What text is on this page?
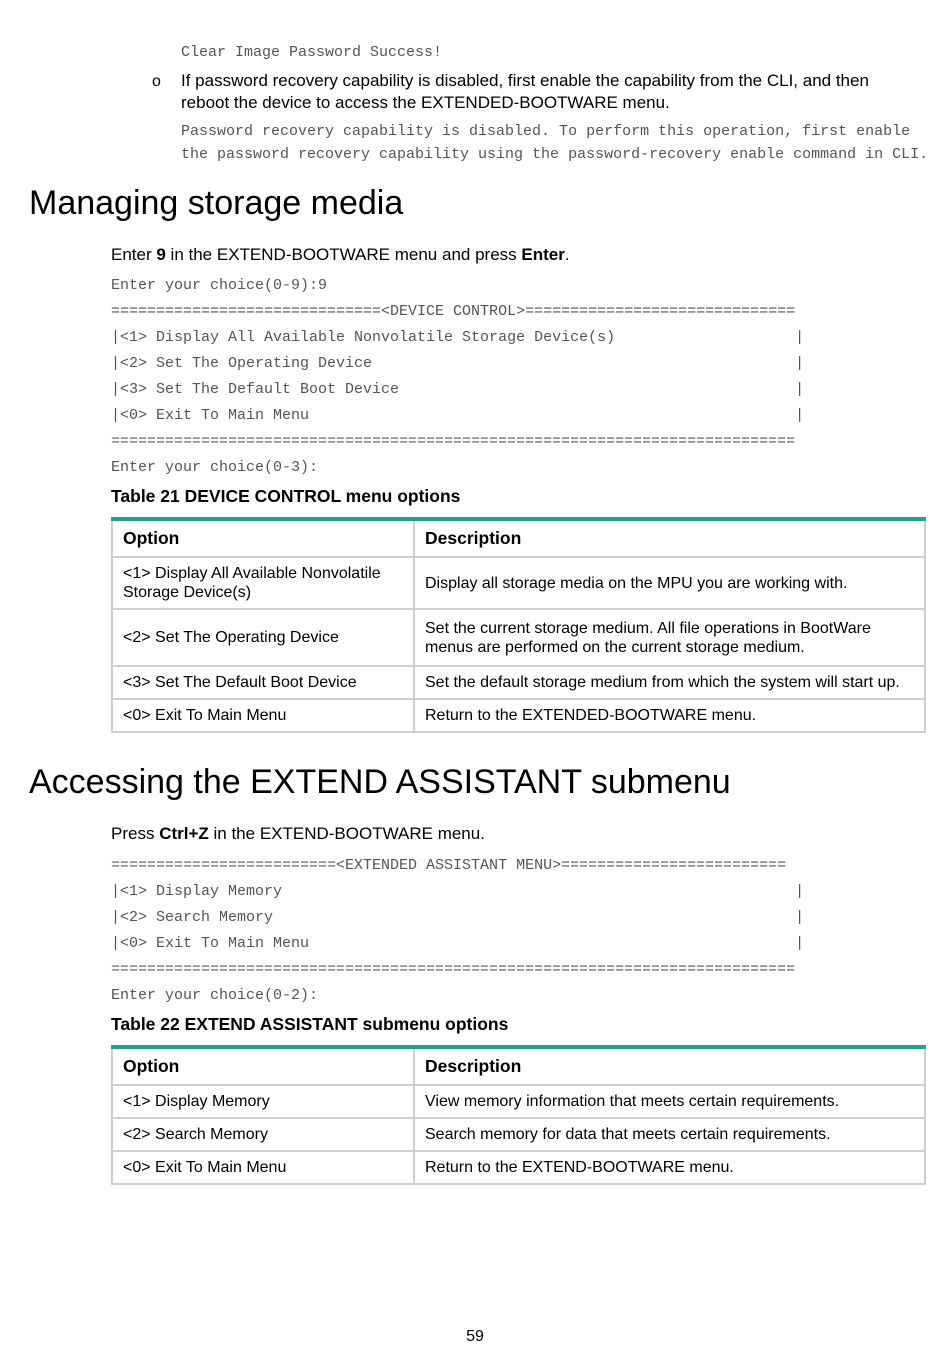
Clear Image Password Success!
o If password recovery capability is disabled, first enable the capability from the CLI, and then
reboot the device to access the EXTENDED-BOOTWARE menu.

Password recovery capability is disabled. To perform this operation, first enable
the password recovery capability using the password-recovery enable command in CLI.
Managing storage media

Enter 9 in the EXTEND-BOOTWARE menu and press Enter.

Enter your choice(0-9):9
==============================<DEVICE CONTROL>==============================
|<1> Display All Available Nonvolatile Storage Device(s)                    |
|<2> Set The Operating Device                                               |
|<3> Set The Default Boot Device                                            |
|<0> Exit To Main Menu                                                      |
============================================================================
Enter your choice(0-3):

Table 21 DEVICE CONTROL menu options

Option	Description
<1> Display All Available Nonvolatile Storage Device(s)	Display all storage media on the MPU you are working with.
<2> Set The Operating Device	Set the current storage medium. All file operations in BootWare menus are performed on the current storage medium.
<3> Set The Default Boot Device	Set the default storage medium from which the system will start up.
<0> Exit To Main Menu	Return to the EXTENDED-BOOTWARE menu.
Accessing the EXTEND ASSISTANT submenu

Press Ctrl+Z in the EXTEND-BOOTWARE menu.

=========================<EXTENDED ASSISTANT MENU>=========================
|<1> Display Memory                                                         |
|<2> Search Memory                                                          |
|<0> Exit To Main Menu                                                      |
============================================================================
Enter your choice(0-2):

Table 22 EXTEND ASSISTANT submenu options

Option	Description
<1> Display Memory	View memory information that meets certain requirements.
<2> Search Memory	Search memory for data that meets certain requirements.
<0> Exit To Main Menu	Return to the EXTEND-BOOTWARE menu.
59
